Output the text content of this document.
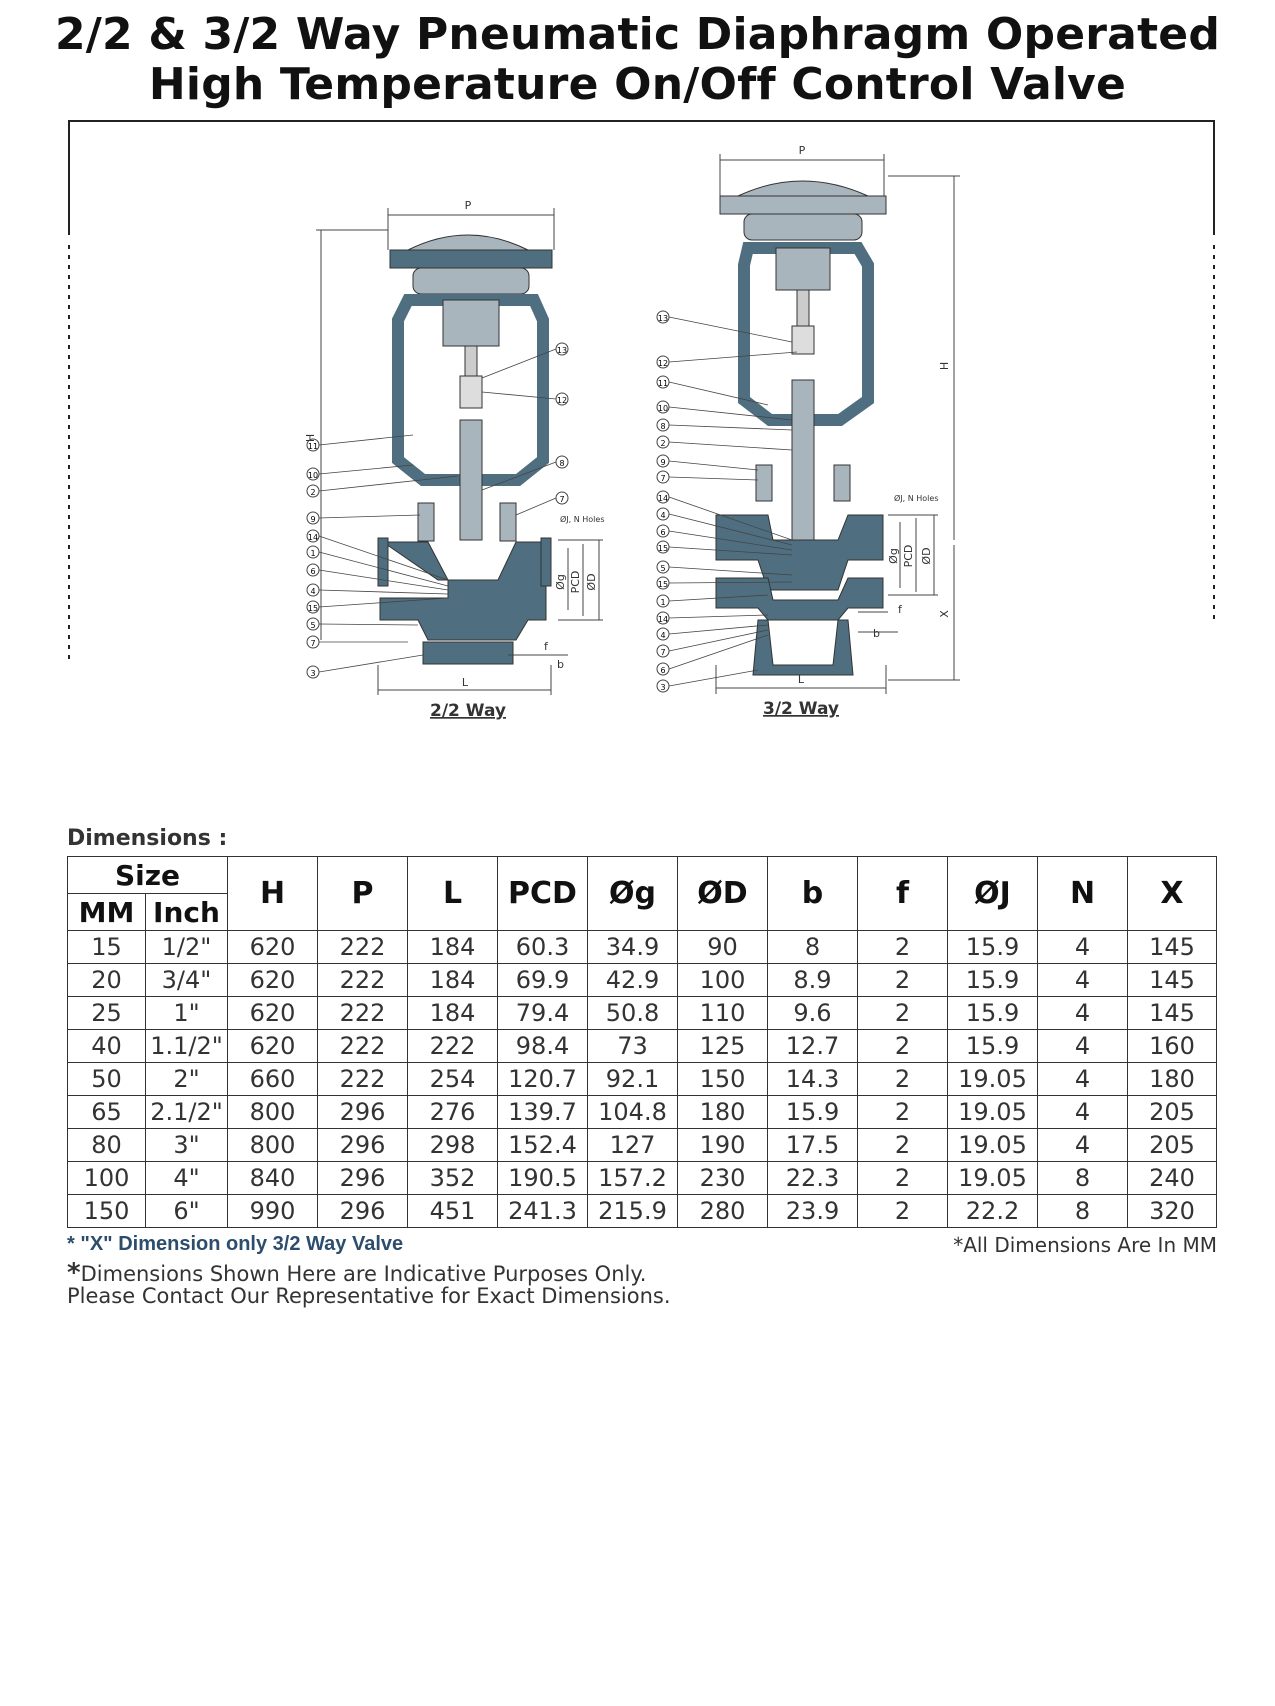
2/2 & 3/2 Way Pneumatic Diaphragm Operated
High Temperature On/Off Control Valve
P
H
Øg PCD ØD
ØJ, N Holes
f
b
L
11
10
2
9
14
1
6
4
15
5
7
3
13
12
8
7
2/2 Way
P
H
X
Øg PCD ØD
ØJ, N Holes
f
b
L
13
12
11
10
8
2
9
7
14
4
6
15
5
15
1
14
4
7
6
3
3/2 Way
Dimensions :
Size		H	P	L	PCD	Øg	ØD	b	f	ØJ	N	X
MM	Inch											
15	1/2"	620	222	184	60.3	34.9	90	8	2	15.9	4	145
20	3/4"	620	222	184	69.9	42.9	100	8.9	2	15.9	4	145
25	1"	620	222	184	79.4	50.8	110	9.6	2	15.9	4	145
40	1.1/2"	620	222	222	98.4	73	125	12.7	2	15.9	4	160
50	2"	660	222	254	120.7	92.1	150	14.3	2	19.05	4	180
65	2.1/2"	800	296	276	139.7	104.8	180	15.9	2	19.05	4	205
80	3"	800	296	298	152.4	127	190	17.5	2	19.05	4	205
100	4"	840	296	352	190.5	157.2	230	22.3	2	19.05	8	240
150	6"	990	296	451	241.3	215.9	280	23.9	2	22.2	8	320
* "X" Dimension only 3/2 Way Valve	*All Dimensions Are In MM
*Dimensions Shown Here are Indicative Purposes Only.
Please Contact Our Representative for Exact Dimensions.
